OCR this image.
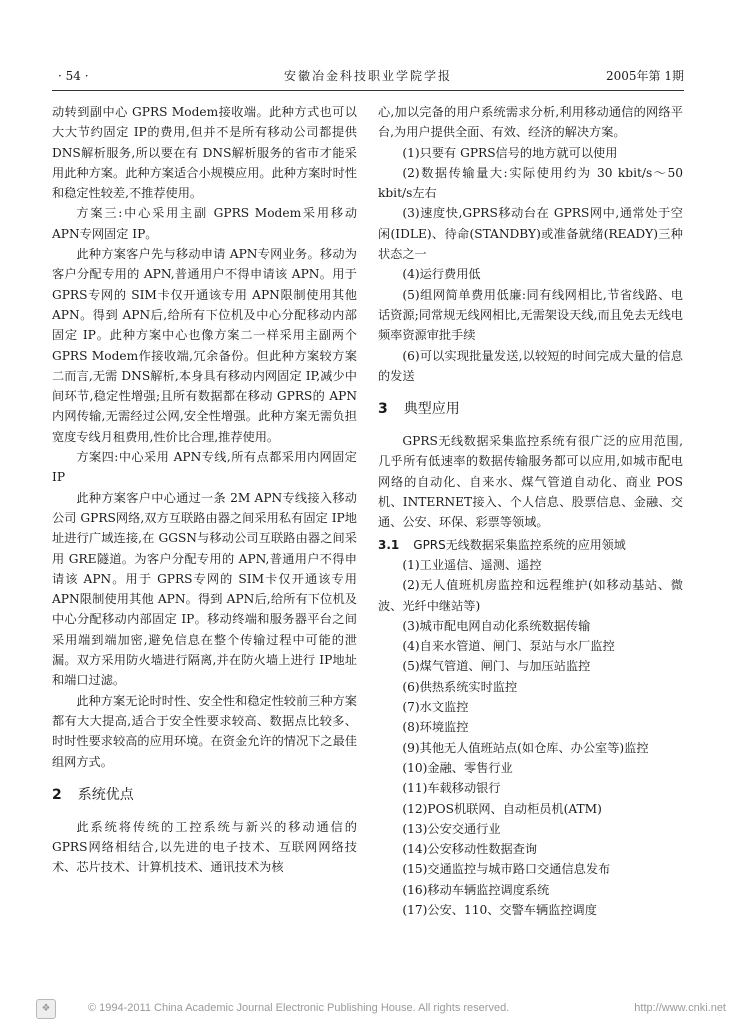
· 54 ·	安徽冶金科技职业学院学报	2005年第 1期

动转到副中心 GPRS Modem接收端。此种方式也可以大大节约固定 IP的费用,但并不是所有移动公司都提供 DNS解析服务,所以要在有 DNS解析服务的省市才能采用此种方案。此种方案适合小规模应用。此种方案时时性和稳定性较差,不推荐使用。

方案三:中心采用主副 GPRS Modem采用移动 APN专网固定 IP。

此种方案客户先与移动申请 APN专网业务。移动为客户分配专用的 APN,普通用户不得申请该 APN。用于 GPRS专网的 SIM卡仅开通该专用 APN限制使用其他 APN。得到 APN后,给所有下位机及中心分配移动内部固定 IP。此种方案中心也像方案二一样采用主副两个 GPRS Modem作接收端,冗余备份。但此种方案较方案二而言,无需 DNS解析,本身具有移动内网固定 IP,减少中间环节,稳定性增强;且所有数据都在移动 GPRS的 APN内网传输,无需经过公网,安全性增强。此种方案无需负担宽度专线月租费用,性价比合理,推荐使用。

方案四:中心采用 APN专线,所有点都采用内网固定 IP

此种方案客户中心通过一条 2M APN专线接入移动公司 GPRS网络,双方互联路由器之间采用私有固定 IP地址进行广域连接,在 GGSN与移动公司互联路由器之间采用 GRE隧道。为客户分配专用的 APN,普通用户不得申请该 APN。用于 GPRS专网的 SIM卡仅开通该专用 APN限制使用其他 APN。得到 APN后,给所有下位机及中心分配移动内部固定 IP。移动终端和服务器平台之间采用端到端加密,避免信息在整个传输过程中可能的泄漏。双方采用防火墙进行隔离,并在防火墙上进行 IP地址和端口过滤。

此种方案无论时时性、安全性和稳定性较前三种方案都有大大提高,适合于安全性要求较高、数据点比较多、时时性要求较高的应用环境。在资金允许的情况下之最佳组网方式。

2 系统优点

此系统将传统的工控系统与新兴的移动通信的 GPRS网络相结合,以先进的电子技术、互联网网络技术、芯片技术、计算机技术、通讯技术为核

心,加以完备的用户系统需求分析,利用移动通信的网络平台,为用户提供全面、有效、经济的解决方案。

(1)只要有 GPRS信号的地方就可以使用

(2)数据传输量大:实际使用约为 30 kbit/s～50 kbit/s左右

(3)速度快,GPRS移动台在 GPRS网中,通常处于空闲(IDLE)、待命(STANDBY)或准备就绪(READY)三种状态之一

(4)运行费用低

(5)组网简单费用低廉:同有线网相比,节省线路、电话资源;同常规无线网相比,无需架设天线,而且免去无线电频率资源审批手续

(6)可以实现批量发送,以较短的时间完成大量的信息的发送

3 典型应用

GPRS无线数据采集监控系统有很广泛的应用范围,几乎所有低速率的数据传输服务都可以应用,如城市配电网络的自动化、自来水、煤气管道自动化、商业 POS机、INTERNET接入、个人信息、股票信息、金融、交通、公安、环保、彩票等领域。

3.1 GPRS无线数据采集监控系统的应用领域

(1)工业遥信、遥测、遥控

(2)无人值班机房监控和远程维护(如移动基站、微波、光纤中继站等)

(3)城市配电网自动化系统数据传输

(4)自来水管道、闸门、泵站与水厂监控

(5)煤气管道、闸门、与加压站监控

(6)供热系统实时监控

(7)水文监控

(8)环境监控

(9)其他无人值班站点(如仓库、办公室等)监控

(10)金融、零售行业

(11)车载移动银行

(12)POS机联网、自动柜员机(ATM)

(13)公安交通行业

(14)公安移动性数据查询

(15)交通监控与城市路口交通信息发布

(16)移动车辆监控调度系统

(17)公安、110、交警车辆监控调度

❖	© 1994-2011 China Academic Journal Electronic Publishing House. All rights reserved.	http://www.cnki.net
